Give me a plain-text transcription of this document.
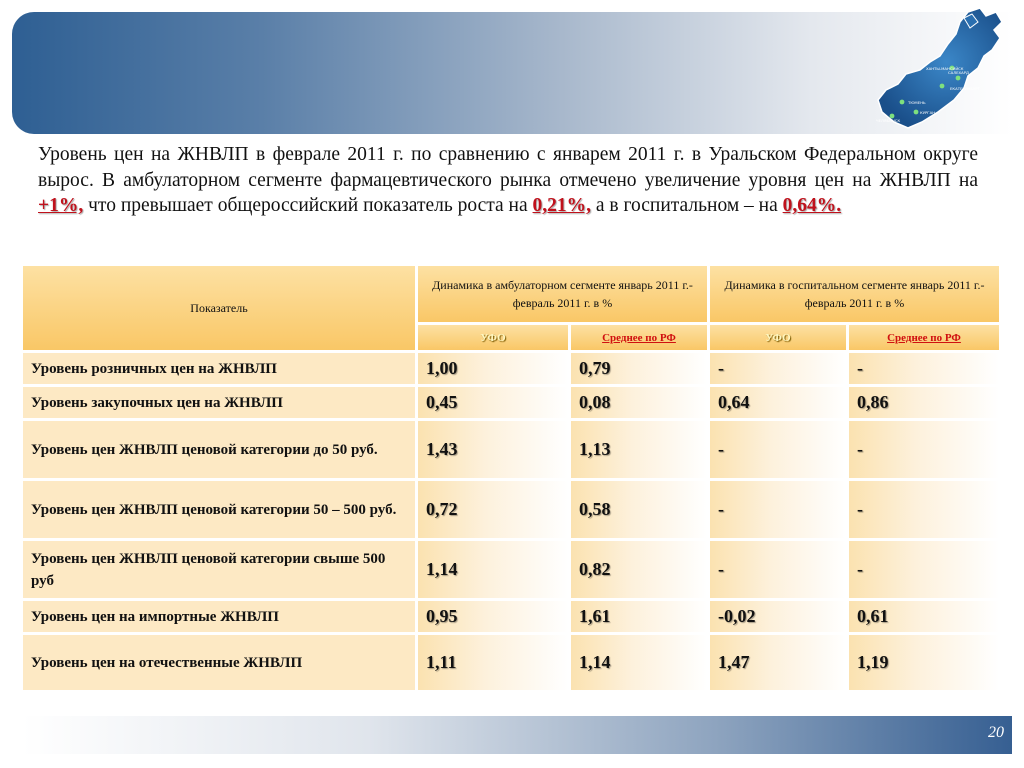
ХАНТЫ-МАНСИЙСК
САЛЕХАРД
ЕКАТЕРИНБУРГ
ТЮМЕНЬ
КУРГАН
ЧЕЛЯБИНСК
Уровень цен на ЖНВЛП в феврале 2011 г. по сравнению с январем 2011 г. в Уральском Федеральном округе вырос. В амбулаторном сегменте фармацевтического рынка отмечено увеличение уровня цен на ЖНВЛП на +1%, что превышает общероссийский показатель роста на 0,21%, а в госпитальном – на 0,64%.
Показатель	Динамика в амбулаторном сегменте январь 2011 г.-февраль 2011 г. в %		Динамика в госпитальном сегменте январь 2011 г.-февраль 2011 г. в %	
	УФО	Среднее по РФ	УФО	Среднее по РФ
Уровень розничных цен на ЖНВЛП	1,00	0,79	-	-
Уровень закупочных цен на ЖНВЛП	0,45	0,08	0,64	0,86
Уровень цен ЖНВЛП ценовой категории до 50 руб.	1,43	1,13	-	-
Уровень цен ЖНВЛП ценовой категории 50 – 500 руб.	0,72	0,58	-	-
Уровень цен ЖНВЛП ценовой категории свыше 500 руб	1,14	0,82	-	-
Уровень цен на импортные ЖНВЛП	0,95	1,61	-0,02	0,61
Уровень цен на отечественные ЖНВЛП	1,11	1,14	1,47	1,19
20
